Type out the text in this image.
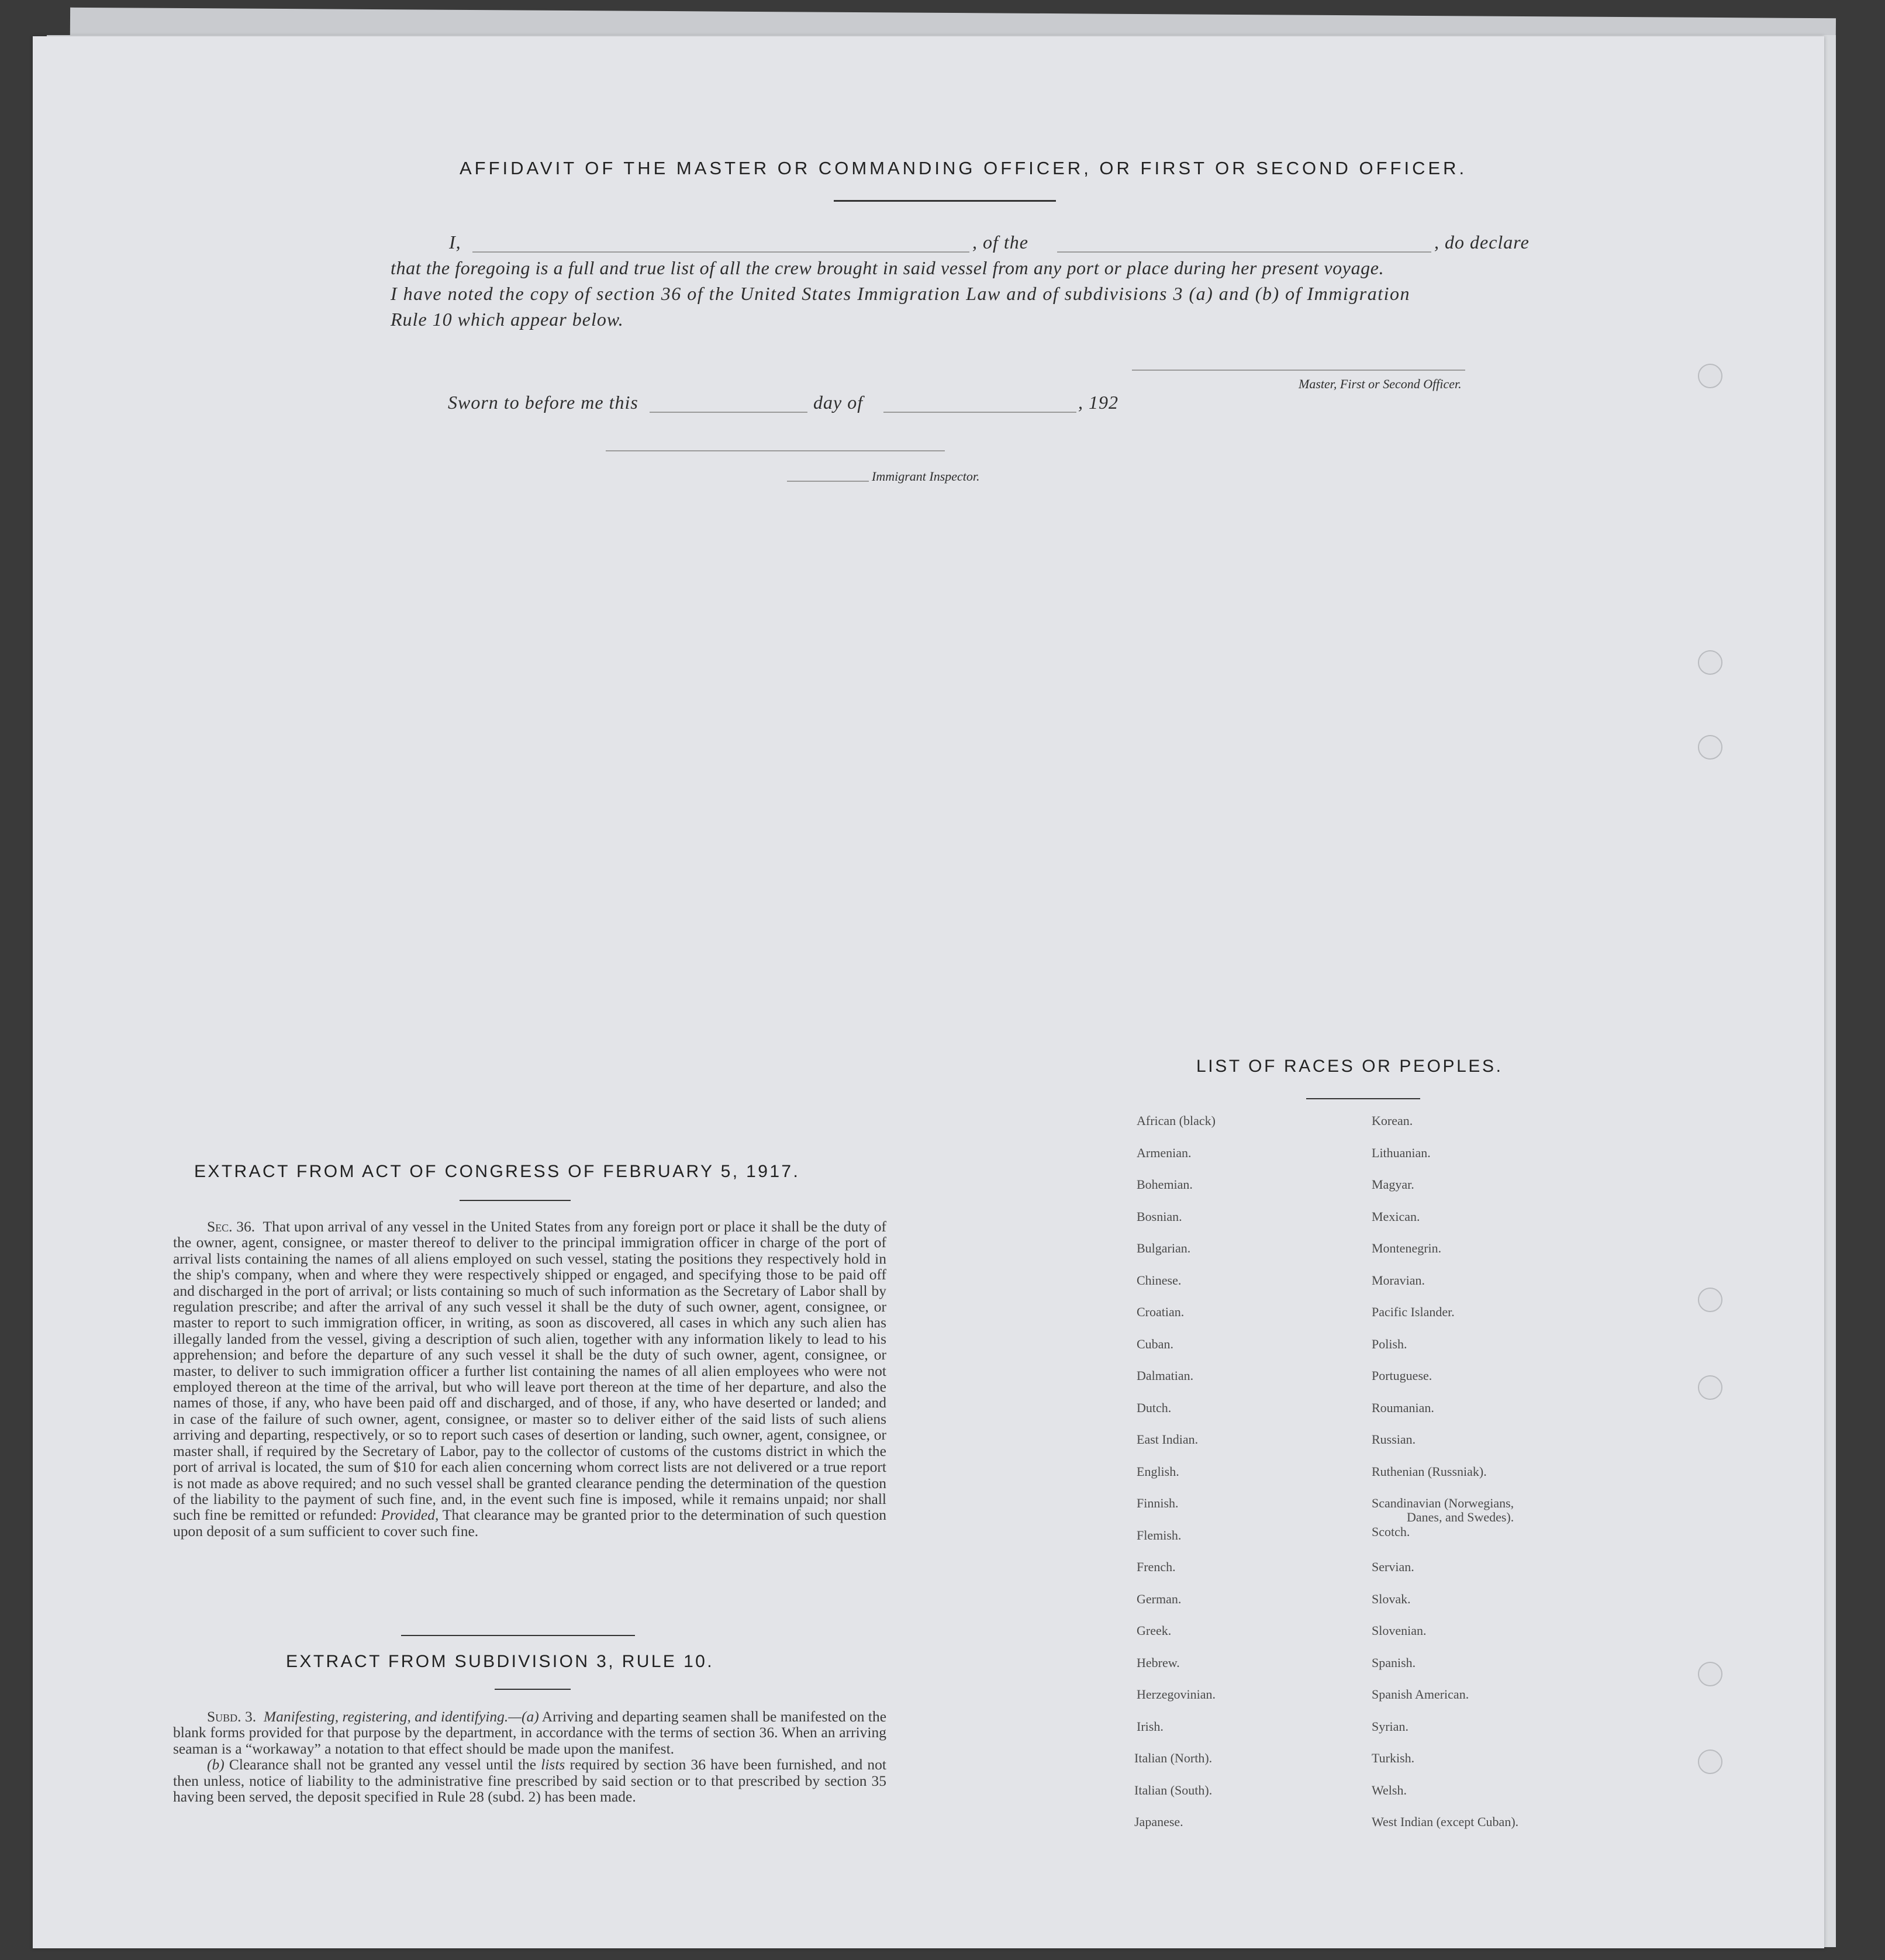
AFFIDAVIT OF THE MASTER OR COMMANDING OFFICER, OR FIRST OR SECOND OFFICER.
I,	, of the	, do declare
that the foregoing is a full and true list of all the crew brought in said vessel from any port or place during her present voyage.
I have noted the copy of section 36 of the United States Immigration Law and of subdivisions 3 (a) and (b) of Immigration
Rule 10 which appear below.
Master, First or Second Officer.
Sworn to before me this	day of	, 192
Immigrant Inspector.
EXTRACT FROM ACT OF CONGRESS OF FEBRUARY 5, 1917.

Sec. 36. That upon arrival of any vessel in the United States from any foreign port or place it shall be the duty of the owner, agent, consignee, or master thereof to deliver to the principal immigration officer in charge of the port of arrival lists containing the names of all aliens employed on such vessel, stating the positions they respectively hold in the ship's company, when and where they were respectively shipped or engaged, and specifying those to be paid off and discharged in the port of arrival; or lists containing so much of such information as the Secretary of Labor shall by regulation prescribe; and after the arrival of any such vessel it shall be the duty of such owner, agent, consignee, or master to report to such immigration officer, in writing, as soon as discovered, all cases in which any such alien has illegally landed from the vessel, giving a description of such alien, together with any information likely to lead to his apprehension; and before the departure of any such vessel it shall be the duty of such owner, agent, consignee, or master, to deliver to such immigration officer a further list containing the names of all alien employees who were not employed thereon at the time of the arrival, but who will leave port thereon at the time of her departure, and also the names of those, if any, who have been paid off and discharged, and of those, if any, who have deserted or landed; and in case of the failure of such owner, agent, consignee, or master so to deliver either of the said lists of such aliens arriving and departing, respectively, or so to report such cases of desertion or landing, such owner, agent, consignee, or master shall, if required by the Secretary of Labor, pay to the collector of customs of the customs district in which the port of arrival is located, the sum of $10 for each alien concerning whom correct lists are not delivered or a true report is not made as above required; and no such vessel shall be granted clearance pending the determination of the question of the liability to the payment of such fine, and, in the event such fine is imposed, while it remains unpaid; nor shall such fine be remitted or refunded: Provided, That clearance may be granted prior to the determination of such question upon deposit of a sum sufficient to cover such fine.

EXTRACT FROM SUBDIVISION 3, RULE 10.

Subd. 3. Manifesting, registering, and identifying.—(a) Arriving and departing seamen shall be manifested on the blank forms provided for that purpose by the department, in accordance with the terms of section 36. When an arriving seaman is a “workaway” a notation to that effect should be made upon the manifest.

(b) Clearance shall not be granted any vessel until the lists required by section 36 have been furnished, and not then unless, notice of liability to the administrative fine prescribed by said section or to that prescribed by section 35 having been served, the deposit specified in Rule 28 (subd. 2) has been made.

LIST OF RACES OR PEOPLES.
African (black)
Armenian.
Bohemian.
Bosnian.
Bulgarian.
Chinese.
Croatian.
Cuban.
Dalmatian.
Dutch.
East Indian.
English.
Finnish.
Flemish.
French.
German.
Greek.
Hebrew.
Herzegovinian.
Irish.
Italian (North).
Italian (South).
Japanese.
Korean.
Lithuanian.
Magyar.
Mexican.
Montenegrin.
Moravian.
Pacific Islander.
Polish.
Portuguese.
Roumanian.
Russian.
Ruthenian (Russniak).
Scandinavian (Norwegians,
Danes, and Swedes).
Scotch.
Servian.
Slovak.
Slovenian.
Spanish.
Spanish American.
Syrian.
Turkish.
Welsh.
West Indian (except Cuban).
